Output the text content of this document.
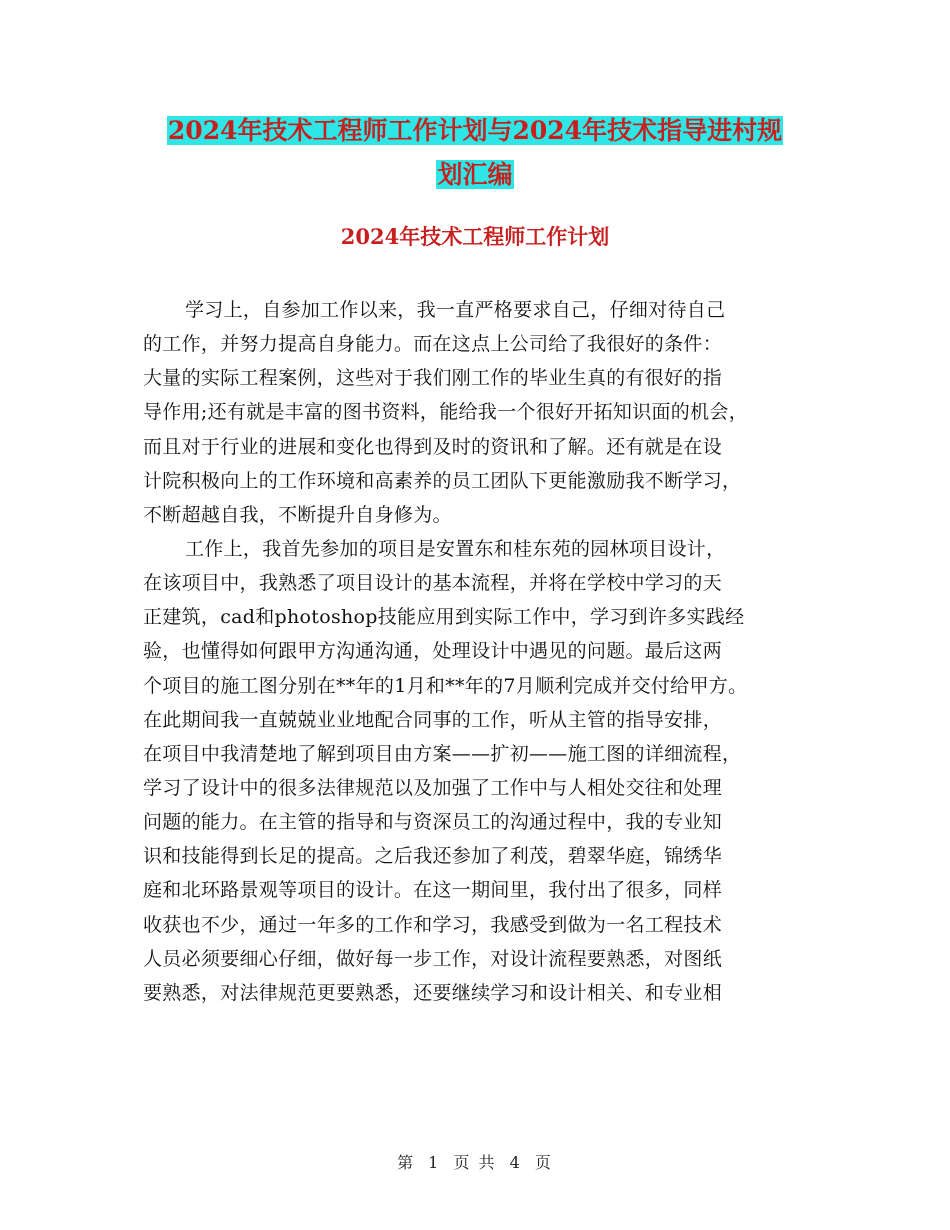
2024年技术工程师工作计划与2024年技术指导进村规
划汇编
2024年技术工程师工作计划
学习上，自参加工作以来，我一直严格要求自己，仔细对待自己
的工作，并努力提高自身能力。而在这点上公司给了我很好的条件：
大量的实际工程案例，这些对于我们刚工作的毕业生真的有很好的指
导作用;还有就是丰富的图书资料，能给我一个很好开拓知识面的机会，
而且对于行业的进展和变化也得到及时的资讯和了解。还有就是在设
计院积极向上的工作环境和高素养的员工团队下更能激励我不断学习，
不断超越自我，不断提升自身修为。
工作上，我首先参加的项目是安置东和桂东苑的园林项目设计，
在该项目中，我熟悉了项目设计的基本流程，并将在学校中学习的天
正建筑，cad和photoshop技能应用到实际工作中，学习到许多实践经
验，也懂得如何跟甲方沟通沟通，处理设计中遇见的问题。最后这两
个项目的施工图分别在**年的1月和**年的7月顺利完成并交付给甲方。
在此期间我一直兢兢业业地配合同事的工作，听从主管的指导安排，
在项目中我清楚地了解到项目由方案——扩初——施工图的详细流程，
学习了设计中的很多法律规范以及加强了工作中与人相处交往和处理
问题的能力。在主管的指导和与资深员工的沟通过程中，我的专业知
识和技能得到长足的提高。之后我还参加了利茂，碧翠华庭，锦绣华
庭和北环路景观等项目的设计。在这一期间里，我付出了很多，同样
收获也不少，通过一年多的工作和学习，我感受到做为一名工程技术
人员必须要细心仔细，做好每一步工作，对设计流程要熟悉，对图纸
要熟悉，对法律规范更要熟悉，还要继续学习和设计相关、和专业相
第 1 页 共 4 页
